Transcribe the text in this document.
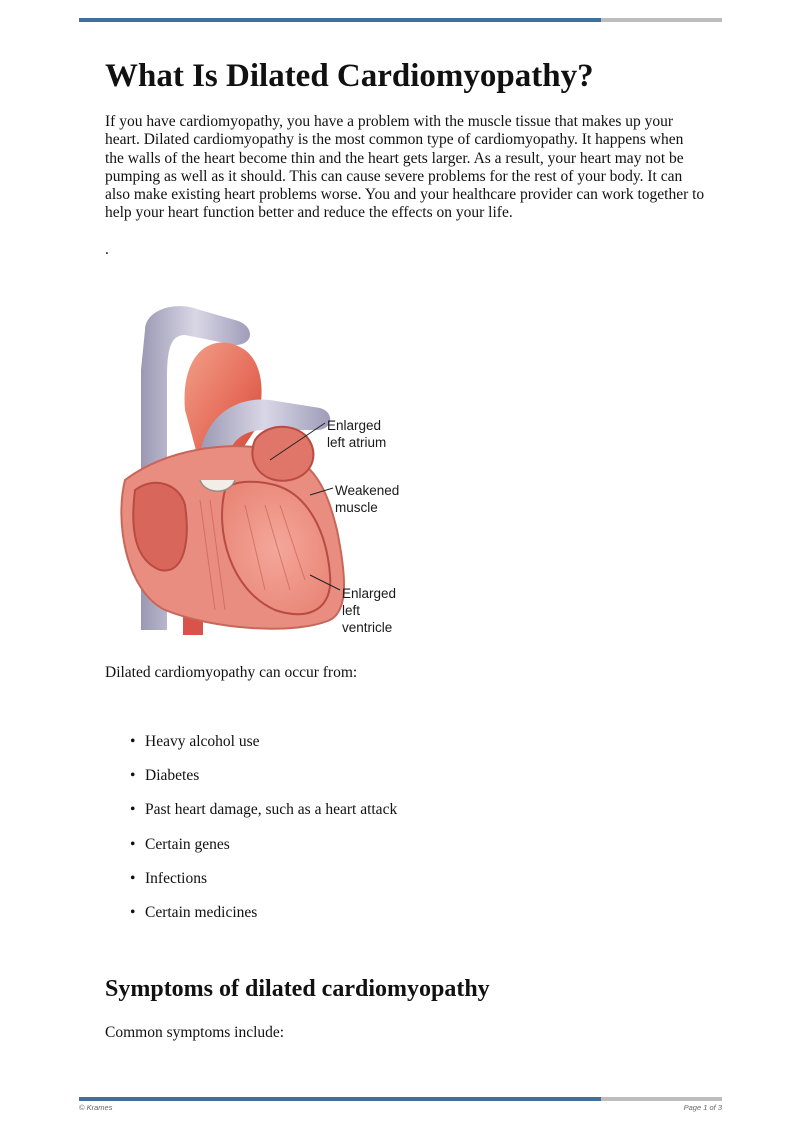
What Is Dilated Cardiomyopathy?

If you have cardiomyopathy, you have a problem with the muscle tissue that makes up your heart. Dilated cardiomyopathy is the most common type of cardiomyopathy. It happens when the walls of the heart become thin and the heart gets larger. As a result, your heart may not be pumping as well as it should. This can cause severe problems for the rest of your body. It can also make existing heart problems worse. You and your healthcare provider can work together to help your heart function better and reduce the effects on your life.

.

Enlarged
left atrium
Weakened
muscle
Enlarged
left
ventricle

Dilated cardiomyopathy can occur from:

• Heavy alcohol use
• Diabetes
• Past heart damage, such as a heart attack
• Certain genes
• Infections
• Certain medicines
Symptoms of dilated cardiomyopathy

Common symptoms include:

© Krames	Page 1 of 3
